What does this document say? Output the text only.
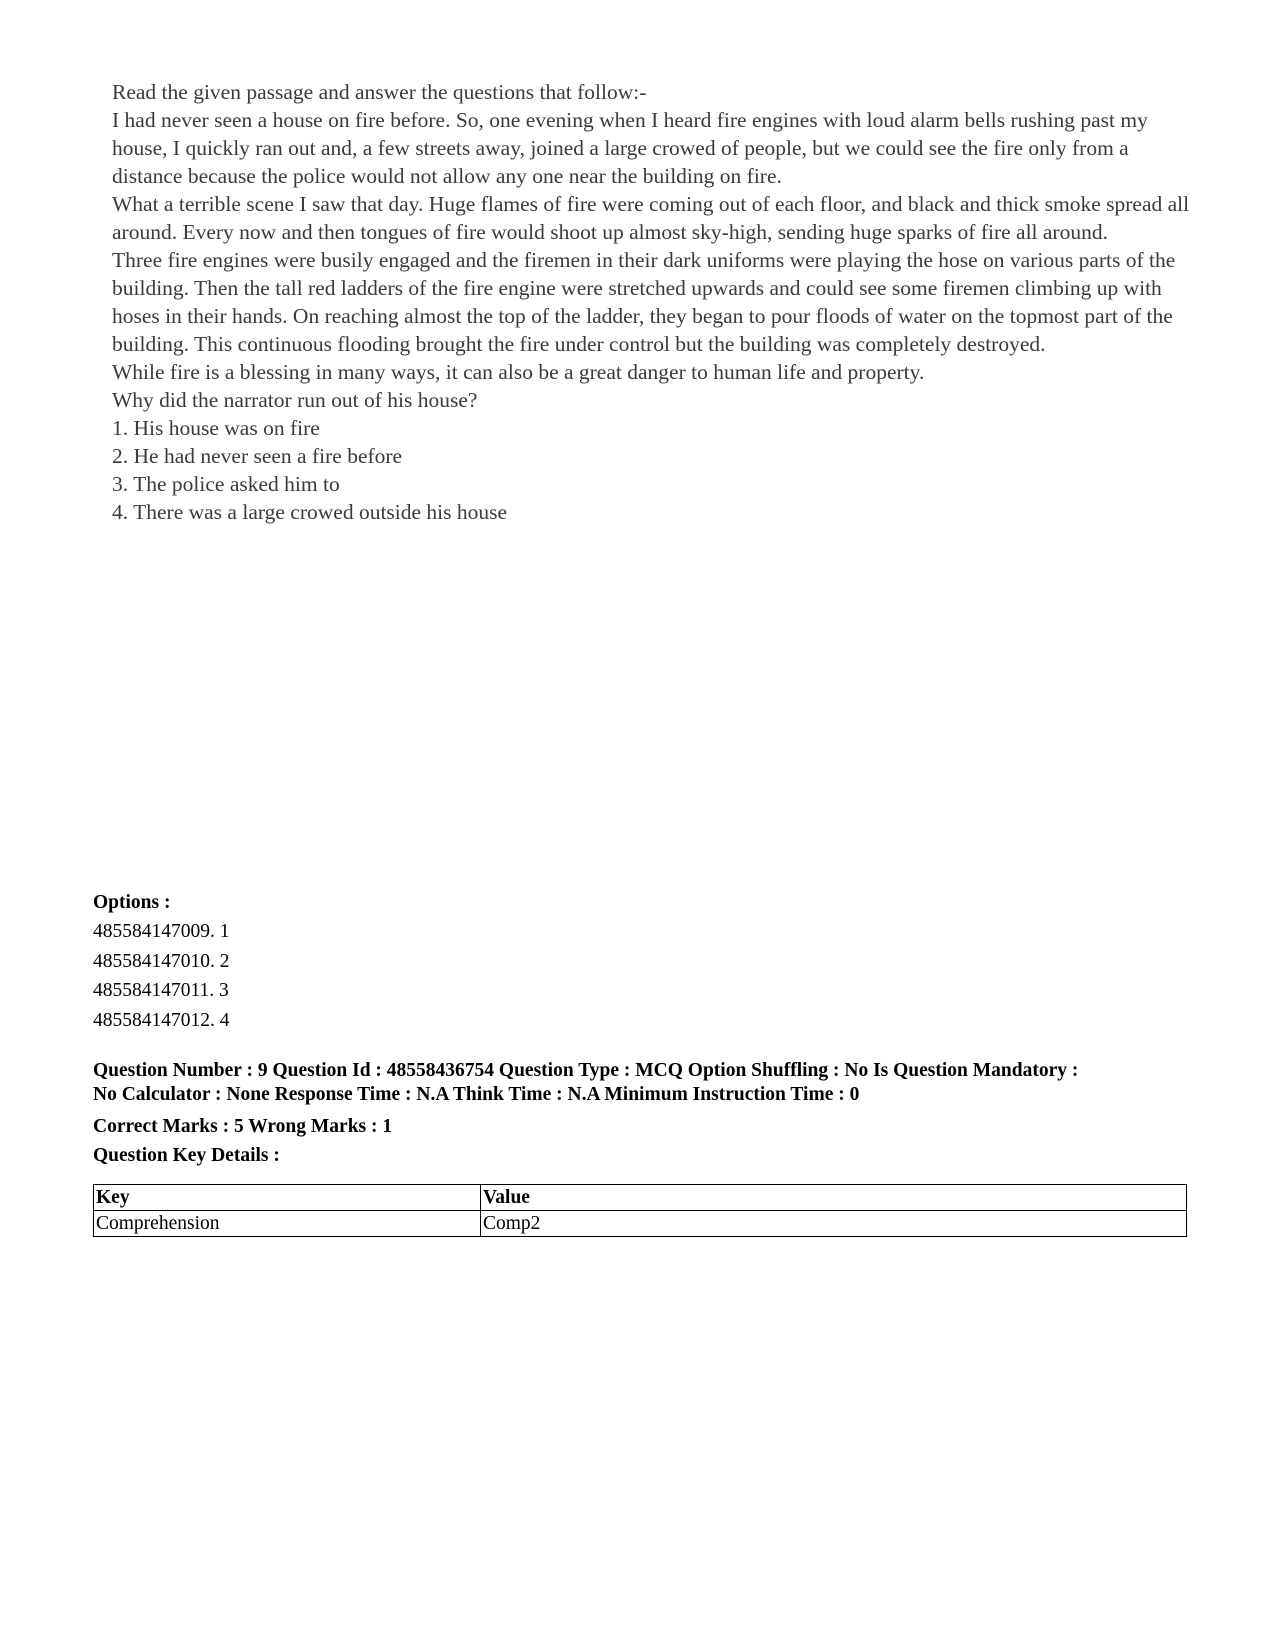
Read the given passage and answer the questions that follow:-

I had never seen a house on fire before. So, one evening when I heard fire engines with loud alarm bells rushing past my house, I quickly ran out and, a few streets away, joined a large crowed of people, but we could see the fire only from a distance because the police would not allow any one near the building on fire.

What a terrible scene I saw that day. Huge flames of fire were coming out of each floor, and black and thick smoke spread all around. Every now and then tongues of fire would shoot up almost sky-high, sending huge sparks of fire all around.

Three fire engines were busily engaged and the firemen in their dark uniforms were playing the hose on various parts of the building. Then the tall red ladders of the fire engine were stretched upwards and could see some firemen climbing up with hoses in their hands. On reaching almost the top of the ladder, they began to pour floods of water on the topmost part of the building. This continuous flooding brought the fire under control but the building was completely destroyed.

While fire is a blessing in many ways, it can also be a great danger to human life and property.

Why did the narrator run out of his house?

1. His house was on fire

2. He had never seen a fire before

3. The police asked him to

4. There was a large crowed outside his house

Options :
485584147009. 1
485584147010. 2
485584147011. 3
485584147012. 4
Question Number : 9 Question Id : 48558436754 Question Type : MCQ Option Shuffling : No Is Question Mandatory :
No Calculator : None Response Time : N.A Think Time : N.A Minimum Instruction Time : 0
Correct Marks : 5 Wrong Marks : 1
Question Key Details :
Key	Value
Comprehension	Comp2
